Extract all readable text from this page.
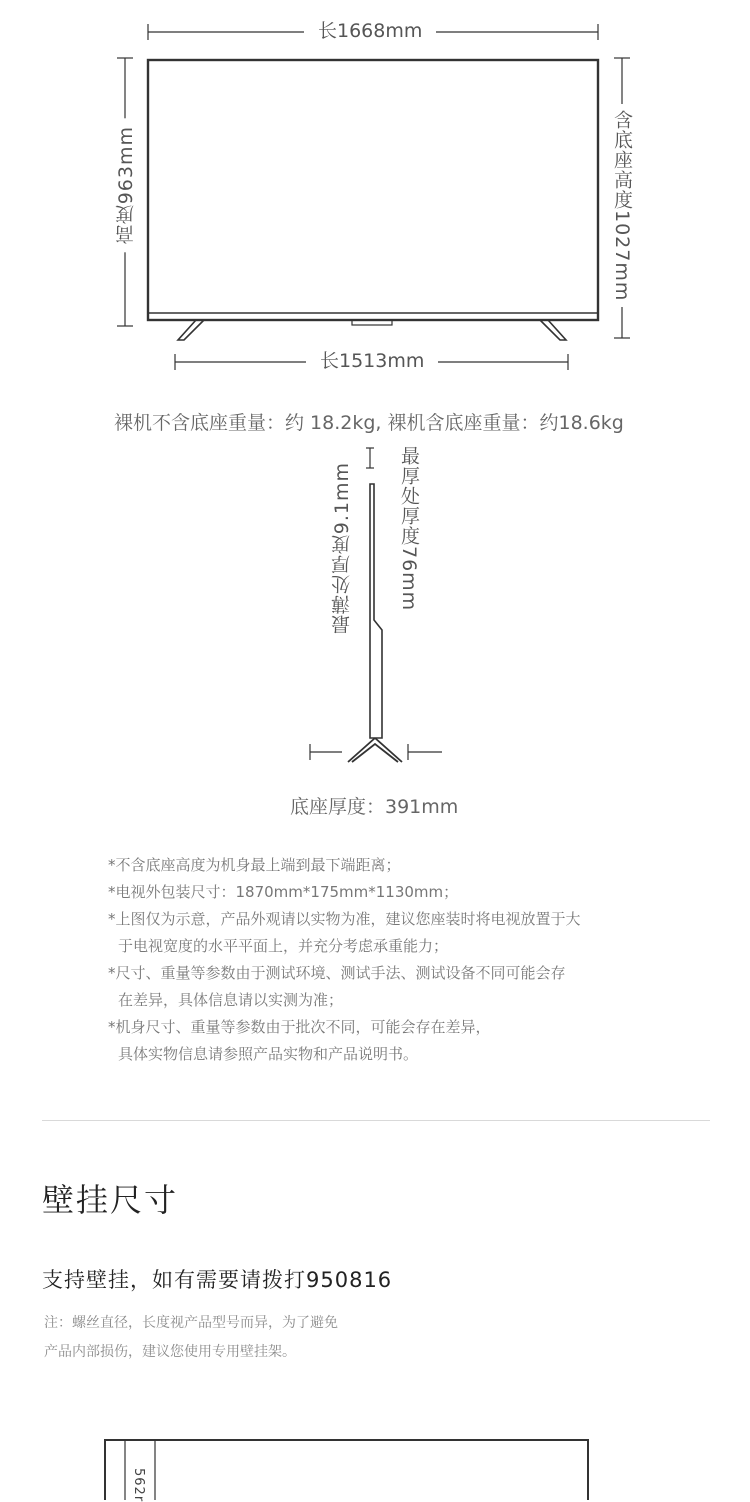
长1668mm
高度963mm	含底座高度1027mm
长1513mm
裸机不含底座重量：约 18.2kg, 裸机含底座重量：约18.6kg
最厚处厚度76mm
最薄处厚度9.1mm
底座厚度：391mm
*不含底座高度为机身最上端到最下端距离；
*电视外包装尺寸：1870mm*175mm*1130mm；
*上图仅为示意，产品外观请以实物为准，建议您座装时将电视放置于大
于电视宽度的水平平面上，并充分考虑承重能力；
*尺寸、重量等参数由于测试环境、测试手法、测试设备不同可能会存
在差异，具体信息请以实测为准；
*机身尺寸、重量等参数由于批次不同，可能会存在差异，
具体实物信息请参照产品实物和产品说明书。
壁挂尺寸
支持壁挂，如有需要请拨打950816
注：螺丝直径，长度视产品型号而异，为了避免
产品内部损伤，建议您使用专用壁挂架。
562r
